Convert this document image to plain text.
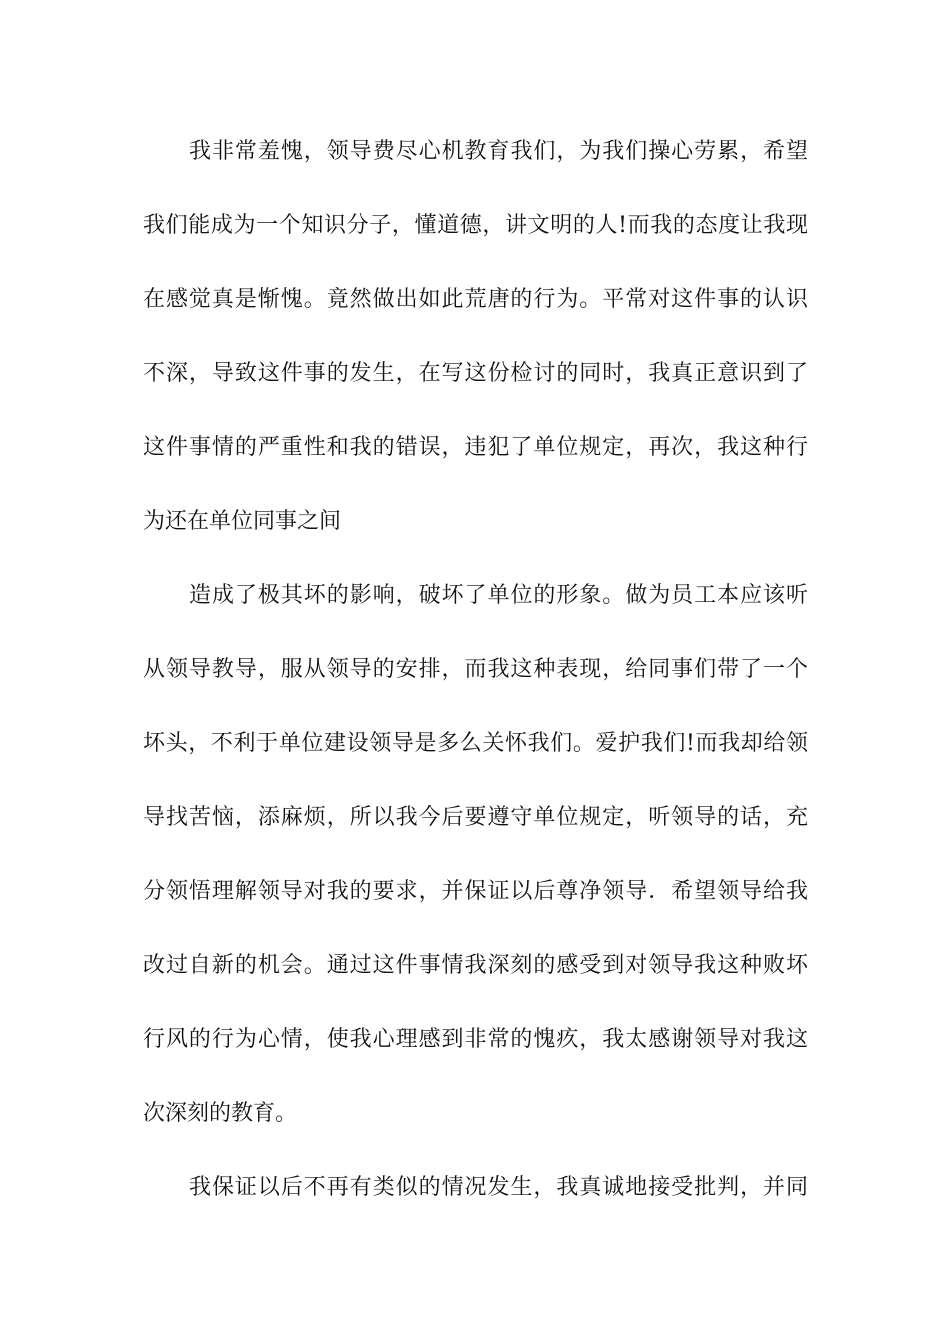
我非常羞愧，领导费尽心机教育我们，为我们操心劳累，希望
我们能成为一个知识分子，懂道德，讲文明的人!而我的态度让我现
在感觉真是惭愧。竟然做出如此荒唐的行为。平常对这件事的认识
不深，导致这件事的发生，在写这份检讨的同时，我真正意识到了
这件事情的严重性和我的错误，违犯了单位规定，再次，我这种行
为还在单位同事之间
造成了极其坏的影响，破坏了单位的形象。做为员工本应该听
从领导教导，服从领导的安排，而我这种表现，给同事们带了一个
坏头，不利于单位建设领导是多么关怀我们。爱护我们!而我却给领
导找苦恼，添麻烦，所以我今后要遵守单位规定，听领导的话，充
分领悟理解领导对我的要求，并保证以后尊净领导．希望领导给我
改过自新的机会。通过这件事情我深刻的感受到对领导我这种败坏
行风的行为心情，使我心理感到非常的愧疚，我太感谢领导对我这
次深刻的教育。
我保证以后不再有类似的情况发生，我真诚地接受批判，并同
